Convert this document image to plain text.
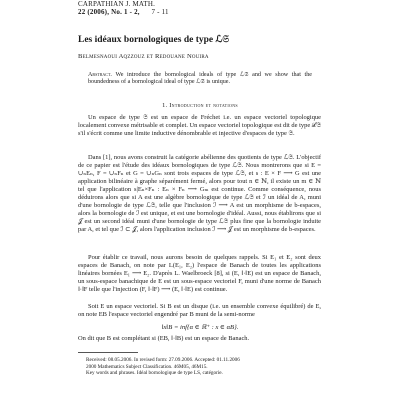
CARPATHIAN J. MATH.
22 (2006), No. 1 - 2, 7 - 11
Les idéaux bornologiques de type ℒ𝔖
Belmesnaoui Aqzzouz et Redouane Nouira
Abstract. We introduce the bornological ideals of type ℒ𝔖 and we show that the boundedness of a bornological ideal of type ℒ𝔖 is unique.
1. Introduction et notations

Un espace de type 𝔖 est un espace de Fréchet i.e. un espace vectoriel topologique localement convexe métrisable et complet. Un espace vectoriel topologique est dit de type ℒ𝔖 s'il s'écrit comme une limite inductive dénombrable et injective d'espaces de type 𝔖.

Dans [1], nous avons construit la catégorie abélienne des quotients de type ℒ𝔖. L'objectif de ce papier est l'étude des idéaux bornologiques de type ℒ𝔖. Nous montrerons que si E = ∪ₙEₙ, F = ∪ₙFₙ et G = ∪ₙGₙ sont trois espaces de type ℒ𝔖, et s : E × F ⟶ G est une application bilinéaire à graphe séparément fermé, alors pour tout n ∈ ℕ, il existe un m ∈ ℕ tel que l'application s|Eₙ×Fₙ : Eₙ × Fₙ ⟶ Gₘ est continue. Comme conséquence, nous déduirons alors que si A est une algèbre bornologique de type ℒ𝔖 et ℐ un idéal de A, muni d'une bornologie de type ℒ𝔖, telle que l'inclusion ℐ ⟶ A est un morphisme de b-espaces, alors la bornologie de ℐ est unique, et est une bornologie d'idéal. Aussi, nous établirons que si 𝒥 est un second idéal muni d'une bornologie de type ℒ𝔖 plus fine que la bornologie induite par A, et tel que ℐ ⊂ 𝒥, alors l'application inclusion ℐ ⟶ 𝒥 est un morphisme de b-espaces.

Pour établir ce travail, nous aurons besoin de quelques rappels. Si E₁ et E₂ sont deux espaces de Banach, on note par L(E₁, E₂) l'espace de Banach de toutes les applications linéaires bornées E₁ ⟶ E₂. D'après L. Waelbroeck [8], si (E, ‖·‖E) est un espace de Banach, un sous-espace banachique de E est un sous-espace vectoriel F, muni d'une norme de Banach ‖·‖F telle que l'injection (F, ‖·‖F) ⟶ (E, ‖·‖E) est continue.

Soit E un espace vectoriel. Si B est un disque (i.e. un ensemble convexe équilibré) de E, on note EB l'espace vectoriel engendré par B muni de la semi-norme

‖x‖B = inf{α ∈ ℝ⁺ : x ∈ αB}.

On dit que B est complétant si (EB, ‖·‖B) est un espace de Banach.

Received: 08.05.2006. In revised form: 27.09.2006. Accepted: 01.11.2006
2000 Mathematics Subject Classification. 46M05, 46M15.
Key words and phrases. Idéal bornologique de type LS, catégorie.
